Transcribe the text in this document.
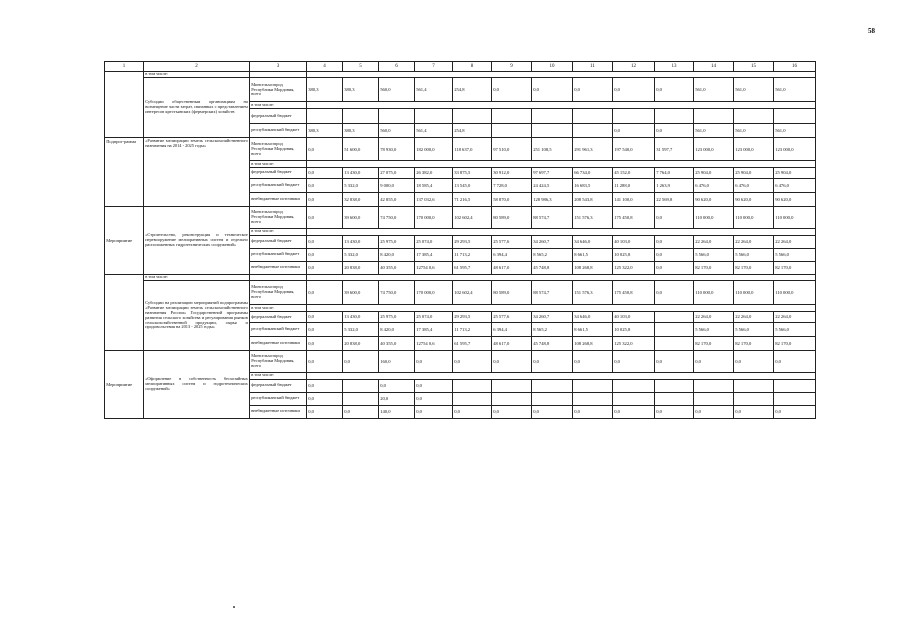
58
1	2	3	4	5	6	7	8	9	10	11	12	13	14	15	16
	в том числе:														
	Субсидии общественным организациям на возмещение части затрат, связанных с представлением интересов крестьянских (фермерских) хозяйств	Минсельхозпрод Республики Мордовия, всего	380,3	380,3	560,0	561,4	254,8	0,0	0,0	0,0	0,0	0,0	561,0	561,0	561,0
		в том числе:													
		федеральный бюджет													
		республиканский бюджет	380,3	380,3	560,0	561,4	254,8				0,0	0,0	561,0	561,0	561,0
Подпрог-рамма	«Развитие мелиорации земель сельскохозяйственного назначения на 2014 - 2025 годы»	Минсельхозпрод Республики Мордовия, всего	0,0	51 600,0	78 930,0	182 000,0	118 637,0	97 510,0	251 108,5	291 961,3	197 540,0	31 597,7	123 000,0	123 000,0	123 000,0
		в том числе:													
		федеральный бюджет	0,0	13 430,0	27 075,0	26 382,0	33 875,5	30 912,0	97 697,7	66 734,0	45 152,0	7 764,0	25 904,0	25 904,0	25 904,0
		республиканский бюджет	0,0	5 332,0	9 000,0	18 585,4	13 545,0	7 728,0	24 424,5	16 683,5	11 288,0	1 263,9	6 476,0	6 476,0	6 476,0
		внебюджетные источники	0,0	32 838,0	42 855,0	137 032,6	71 216,5	58 870,0	128 986,3	208 543,8	141 100,0	22 569,8	90 620,0	90 620,0	90 620,0
Мероприятие	«Строительство, реконструкция и техническое перевооружение мелиоративных систем и отдельно расположенных гидротехнических сооружений»	Минсельхозпрод Республики Мордовия, всего	0,0	39 600,0	74 750,0	170 000,0	102 602,4	80 589,0	88 574,7	151 576,3	175 450,8	0,0	110 000,0	110 000,0	110 000,0
		в том числе:													
		федеральный бюджет	0,0	13 430,0	25 975,0	25 074,0	29 293,5	25 577,6	34 260,7	34 646,0	40 103,0	0,0	22 264,0	22 264,0	22 264,0
		республиканский бюджет	0,0	5 332,0	8 420,0	17 385,4	11 713,2	6 394,4	8 565,2	8 661,5	10 025,8	0,0	5 566,0	5 566,0	5 566,0
		внебюджетные источники	0,0	20 838,0	40 355,0	12754 0,6	61 595,7	48 617,0	45 748,8	108 268,8	125 322,0	0,0	82 170,0	82 170,0	82 170,0
	в том числе:														
	Субсидии на реализацию мероприятий подпрограммы «Развитие мелиорации земель сельскохозяйственного назначения России» Государственной программы развития сельского хозяйства и регулирования рынков сельскохозяйственной продукции, сырья и продовольствия на 2013 - 2025 годы»	Минсельхозпрод Республики Мордовия, всего	0,0	39 600,0	74 750,0	170 000,0	102 602,4	80 589,0	88 574,7	151 576,3	175 450,8	0,0	110 000,0	110 000,0	110 000,0
		в том числе:													
		федеральный бюджет	0,0	13 430,0	25 975,0	25 074,0	29 293,5	25 577,6	34 260,7	34 646,0	40 103,0		22 264,0	22 264,0	22 264,0
		республиканский бюджет	0,0	5 332,0	8 420,0	17 385,4	11 713,2	6 394,4	8 565,2	8 661,5	10 025,8		5 566,0	5 566,0	5 566,0
		внебюджетные источники	0,0	20 838,0	40 355,0	12754 0,6	61 595,7	48 617,0	45 748,8	108 268,8	125 322,0		82 170,0	82 170,0	82 170,0
Мероприятие	«Оформление в собственность бесхозяйных мелиоративных систем и гидротехнических сооружений»	Минсельхозпрод Республики Мордовия, всего	0,0	0,0	160,0	0,0	0,0	0,0	0,0	0,0	0,0	0,0	0,0	0,0	0,0
		в том числе:													
		федеральный бюджет	0,0		0,0	0,0									
		республиканский бюджет	0,0		20,0	0,0									
		внебюджетные источники	0,0	0,0	140,0	0,0	0,0	0,0	0,0	0,0	0,0	0,0	0,0	0,0	0,0
